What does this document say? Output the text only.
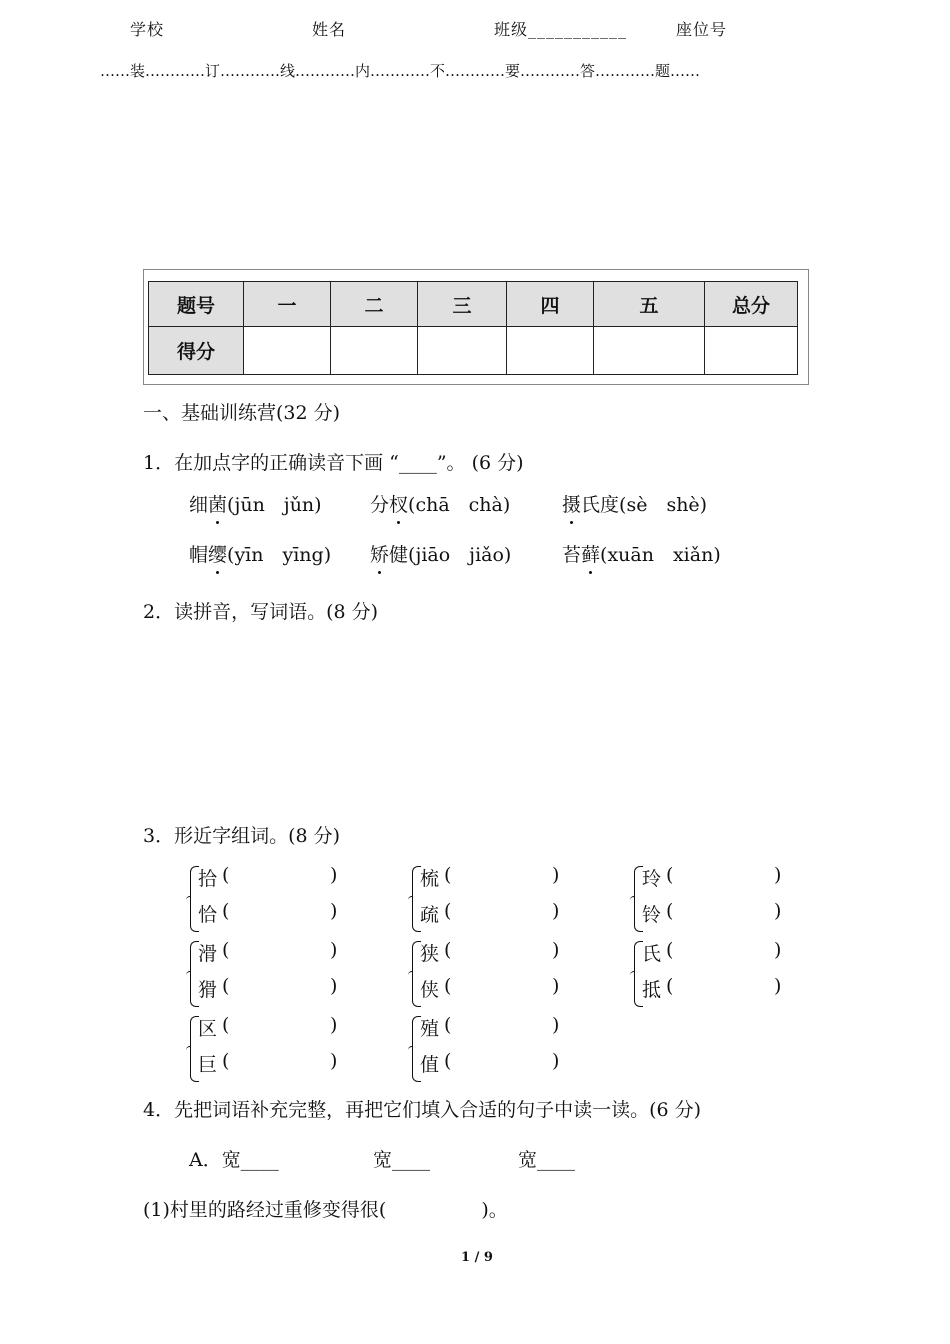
学校	姓名	班级___________	座位号
……装…………订…………线…………内…………不…………要…………答…………题……
题号	一	二	三	四	五	总分
得分						
一、基础训练营(32 分)
1．在加点字的正确读音下画 “____”。 (6 分)
细菌(jūn　jǔn)	分杈(chā　chà)	摄氏度(sè　shè)
帽缨(yīn　yīng) 矫健(jiāo　jiǎo)	苔藓(xuān　xiǎn)
2．读拼音，写词语。(8 分)
3．形近字组词。(8 分)
拾 (	)
恰 (	)
梳 (	)
疏 (	)
玲 (	)
铃 (	)
滑 (	)
猾 (	)
狭 (	)
侠 (	)
氏 (	)
抵 (	)
区 (	)
巨 (	)
殖 (	)
值 (	)
4．先把词语补充完整，再把它们填入合适的句子中读一读。(6 分)
A．宽____	宽____	宽____
(1)村里的路经过重修变得很(　　　　　)。
1 / 9
